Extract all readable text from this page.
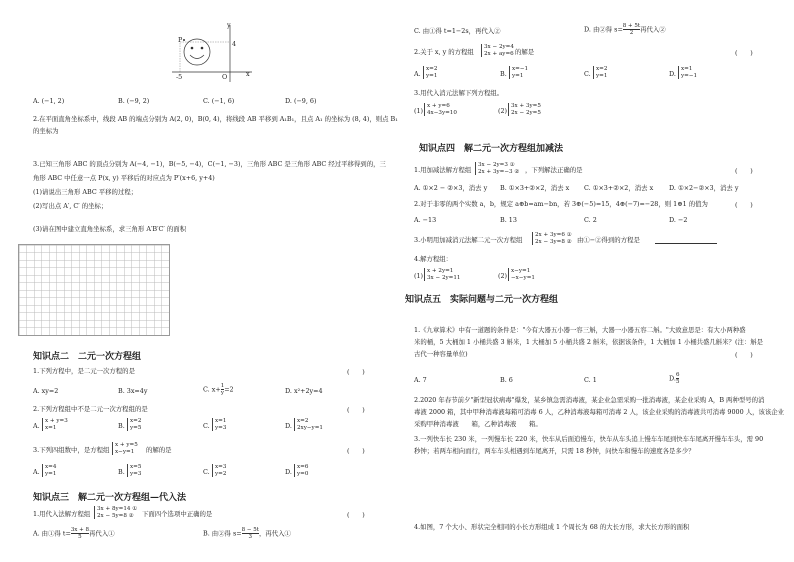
y
x
O
P
-5
4
A. (−1, 2)	B. (−9, 2)	C. (−1, 6)	D. (−9, 6)
2.在平面直角坐标系中，线段 AB 的端点分别为 A(2, 0)，B(0, 4)，将线段 AB 平移到 A₁B₁，且点 A₁ 的坐标为 (8, 4)，则点 B₁
的坐标为
3.已知三角形 ABC 的顶点分别为 A(−4, −1)，B(−5, −4)，C(−1, −3)，三角形 ABC 是三角形 ABC 经过平移得到的，三
角形 ABC 中任意一点 P(x, y) 平移后的对应点为 P′(x+6, y+4)
(1)请说出三角形 ABC 平移的过程；
(2)写出点 A′, C′ 的坐标；
(3)请在图中建立直角坐标系，求三角形 A′B′C′ 的面积
知识点二　二元一次方程组
1.下列方程中，是二元一次方程的是	(　　)
A. xy=2	B. 3x=4y	C. $x+ \frac{1}{y} =2$	D. x²+2y=4
2.下列方程组中不是二元一次方程组的是	(　　)
A.
x + y=3
x=1	B.
x=2
y=5	C.
x=1
y=3	D.
x=2
2xy−y=1
3.下列四组数中，是方程组
x + y=5
x−y=1	的解的是	(　　)
A.
x=4
y=1	B.
x=5
y=3	C.
x=3
y=2	D.
x=6
y=0
知识点三　解二元一次方程组—代入法
1.用代入法解方程组
3x + 8y=14 ①
2x − 5y=8 ②	下面四个选项中正确的是	(　　)
A. 由①得 $t= \frac{3x + 8}{5}$ 再代入①	B. 由②得 $s= \frac{8 - 5t}{3}$ ，再代入①
C. 由①得 t=1−2s，再代入②	D. 由②得 $s= \frac{8 + 5t}{2}$ 再代入②
2.关于 x, y 的方程组
3x − 2y=4
2x + ay=6 的解是	(　　)
A.
x=2
y=1	B.
x=−1
y=1	C.
x=2
y=1	D.
x=1
y=−1
3.用代入消元法解下列方程组。
(1)
x + y=6
4x−3y=10	(2)
3x + 3y=5
2x − 2y=5
知识点四　解二元一次方程组加减法
1.用加减法解方程组
3x − 2y=3 ①
2x + 3y=−3 ② ，下列解法正确的是	(　　)
A. ①×2 − ②×3，消去 y B. ①×3+②×2，消去 x C. ①×3+②×2，消去 x D. ①×2−②×3，消去 y
2.对于非零的两个实数 a，b，规定 a⊕b=am−bn，若 3⊕(−5)=15，4⊕(−7)=−28，则 1⊕1 的值为	(　　)
A. −13	B. 13	C. 2	D. −2
3.小明用加减消元法解二元一次方程组
2x + 3y=6 ①
2x − 3y=8 ② 由①−②得到的方程是
4.解方程组：
(1)
x + 2y=1
3x − 2y=11	(2)
x−y=1
−x−y=1
知识点五　实际问题与二元一次方程组
1.《九章算术》中有一道题的条件是："今有大器五小器一容三斛，大器一小器五容二斛。"大致意思是：有大小两种盛
米的桶，5 大桶加 1 小桶共盛 3 斛米，1 大桶加 5 小桶共盛 2 斛米，依据该条件，1 大桶加 1 小桶共盛几斛米？(注：斛是
古代一种容量单位)	(　　)
A. 7	B. 6	C. 1	D. $\frac{6}{5}$
2.2020 年春节前夕"新型冠状病毒"爆发，某乡镇急需消毒液，某企业急需采购一批消毒液，某企业采购 A，B 两种型号的消
毒液 2000 箱，其中甲种消毒液每箱可消毒 6 人，乙种消毒液每箱可消毒 2 人，该企业采购的消毒液共可消毒 9000 人，该该企业
采购甲种消毒液　　箱，乙种消毒液　　箱。
3.一列快车长 230 米，一列慢车长 220 米，快车从后面追慢车，快车从车头追上慢车车尾到快车车尾离开慢车车头，需 90
秒钟；若两车相向而行，两车车头相遇到车尾离开，只需 18 秒钟，问快车和慢车的速度各是多少？
4.如图，7 个大小、形状完全相同的小长方形组成 1 个周长为 68 的大长方形，求大长方形的面积
